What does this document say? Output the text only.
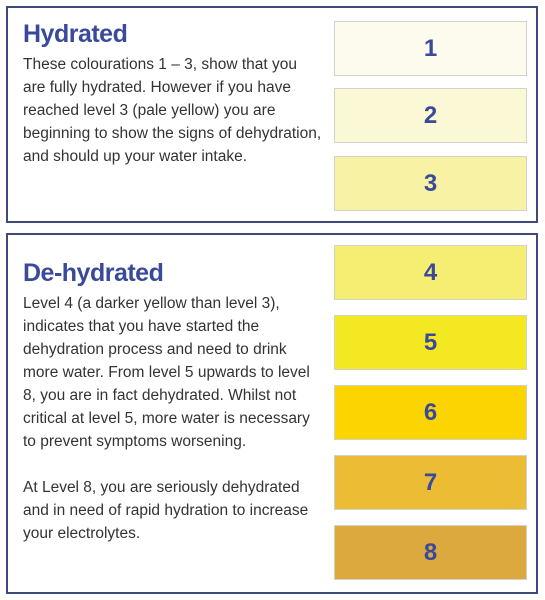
Hydrated

These colourations 1 – 3, show that you are fully hydrated. However if you have reached level 3 (pale yellow) you are beginning to show the signs of dehydration, and should up your water intake.

1
2
3
De-hydrated

Level 4 (a darker yellow than level 3), indicates that you have started the dehydration process and need to drink more water. From level 5 upwards to level 8, you are in fact dehydrated. Whilst not critical at level 5, more water is necessary to prevent symptoms worsening.

At Level 8, you are seriously dehydrated and in need of rapid hydration to increase your electrolytes.

4
5
6
7
8
